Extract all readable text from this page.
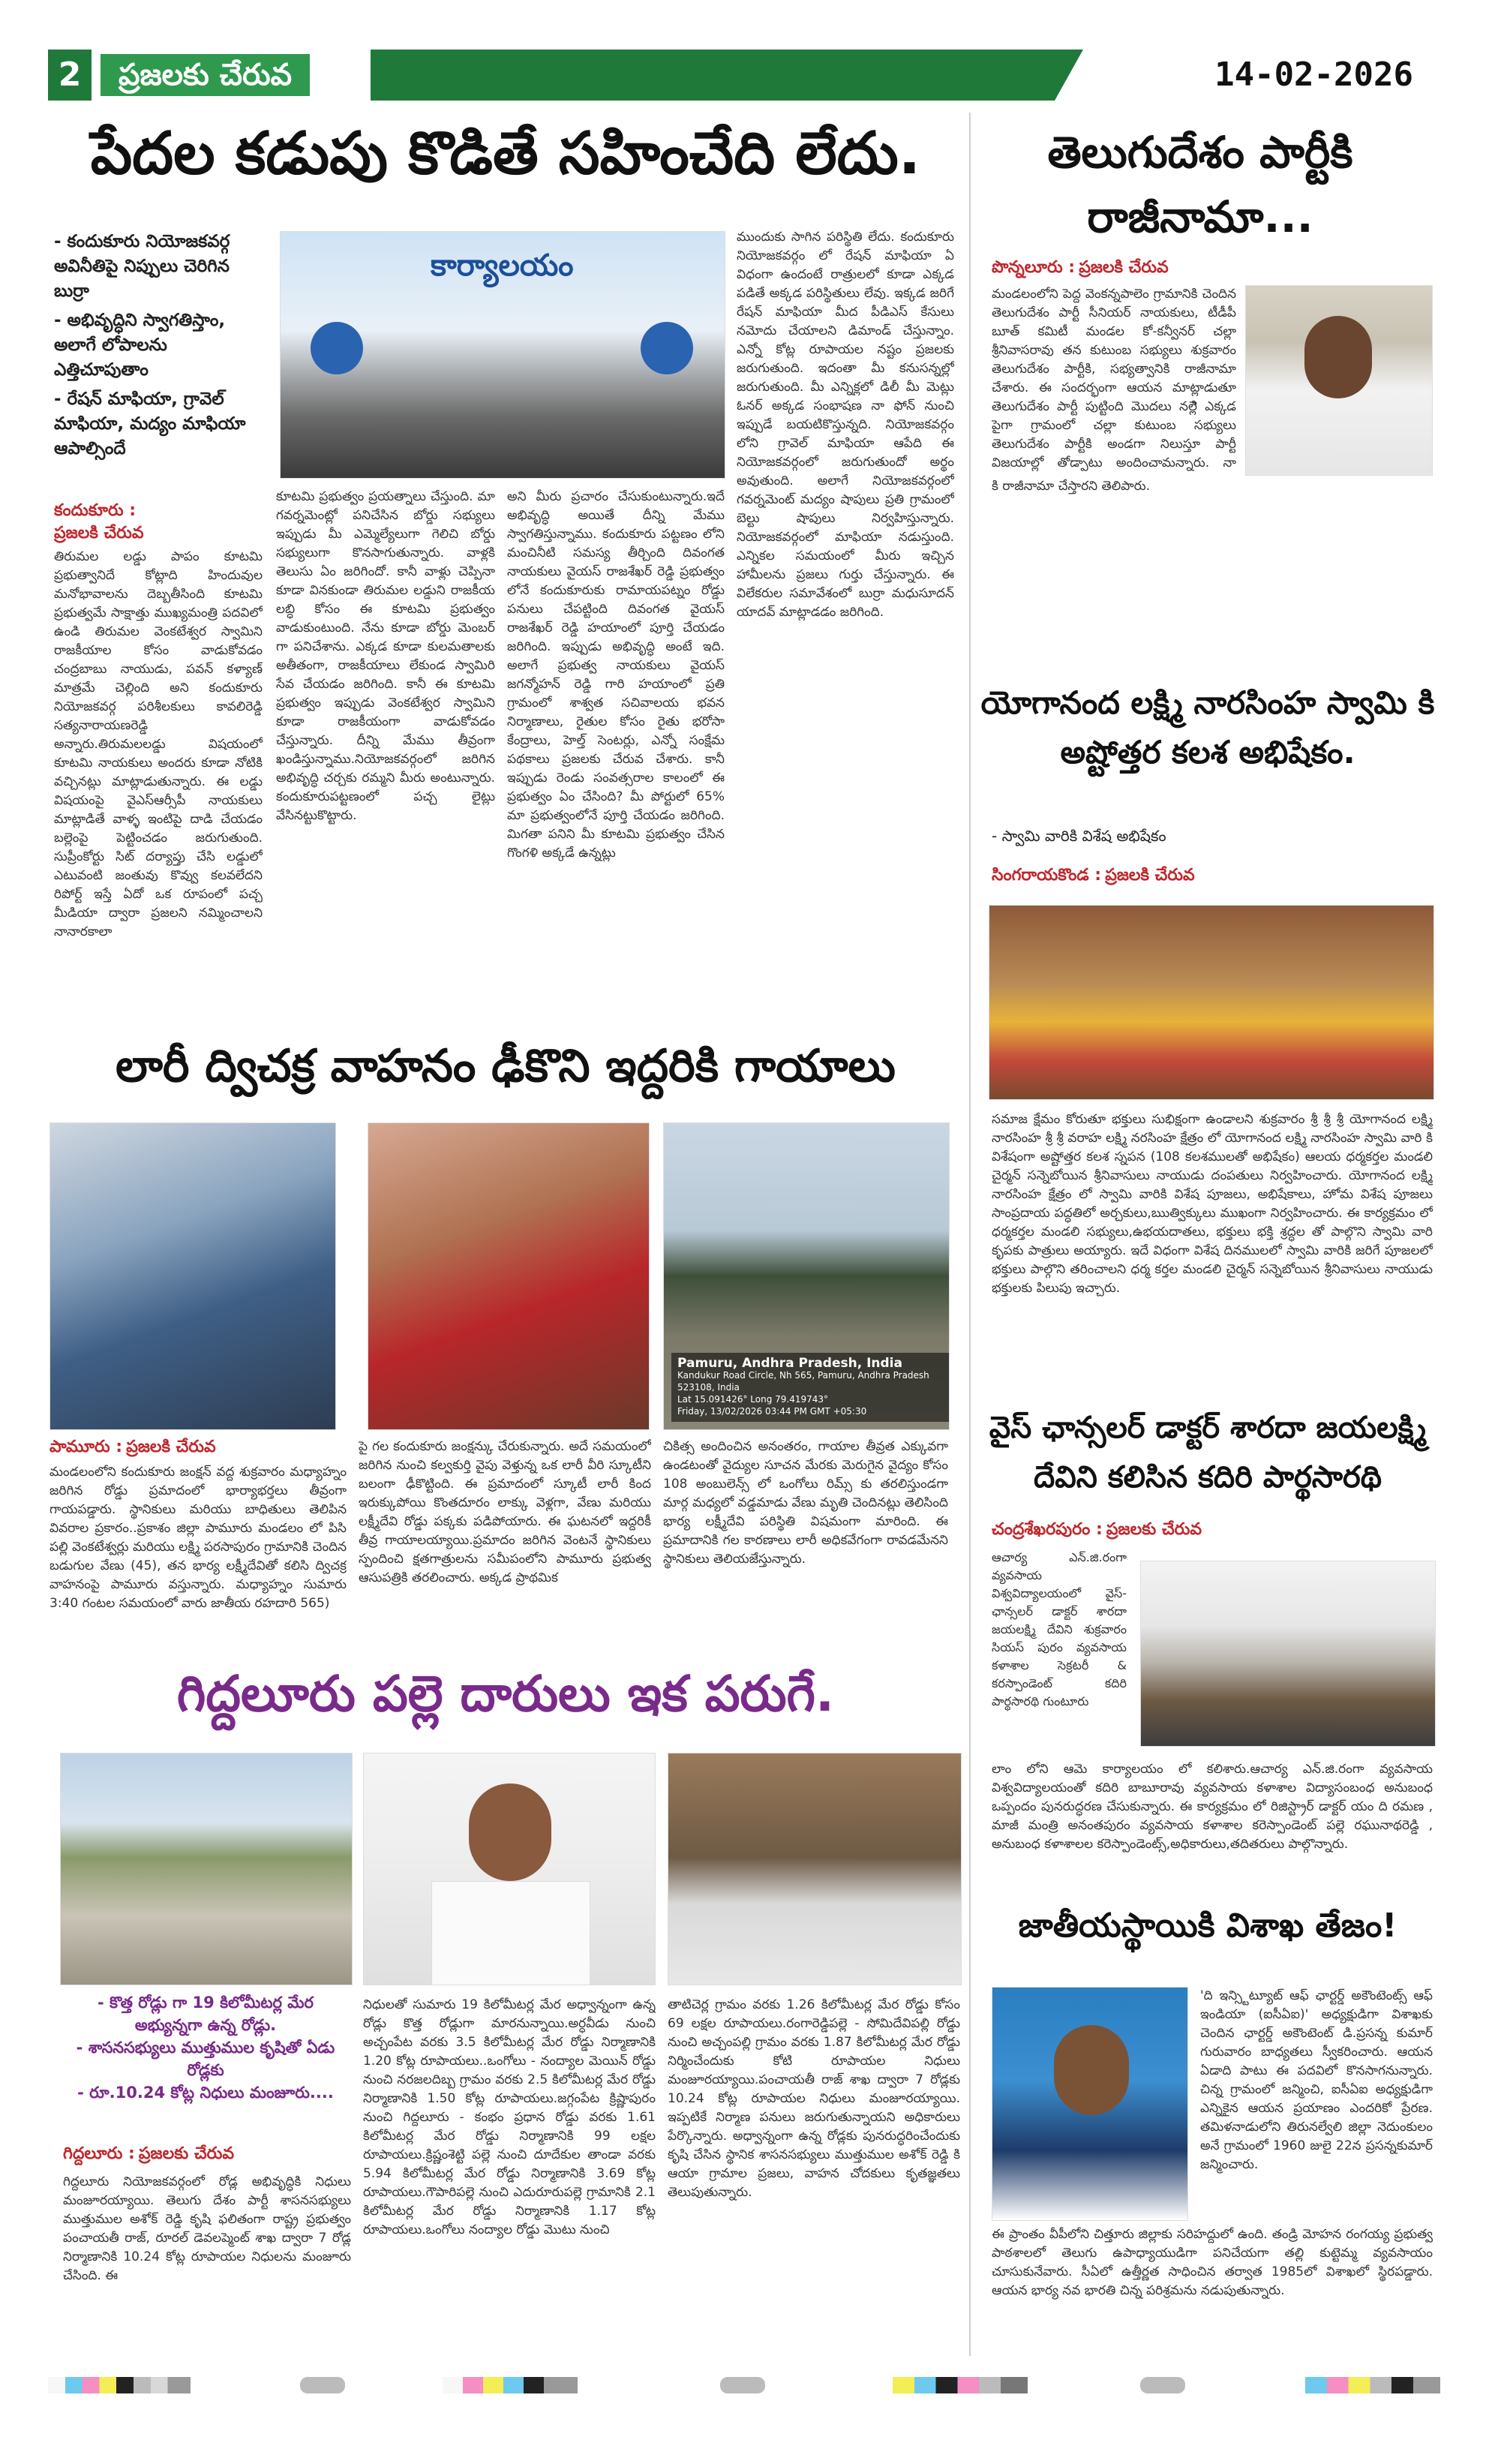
2	ప్రజలకు చేరువ	14-02-2026
పేదల కడుపు కొడితే సహించేది లేదు.
- కందుకూరు నియోజకవర్గ అవినీతిపై నిప్పులు చెరిగిన బుర్రా
- అభివృద్ధిని స్వాగతిస్తాం, అలాగే లోపాలను ఎత్తిచూపుతాం
- రేషన్ మాఫియా, గ్రావెల్ మాఫియా, మద్యం మాఫియా ఆపాల్సిందే
కార్యాలయం
కందుకూరు :
ప్రజలకి చేరువ
తిరుమల లడ్డు పాపం కూటమి ప్రభుత్వానిదే కోట్లాది హిందువుల మనోభావాలను దెబ్బతీసింది కూటమి ప్రభుత్వమే సాక్షాత్తు ముఖ్యమంత్రి పదవిలో ఉండి తిరుమల వెంకటేశ్వర స్వామిని రాజకీయాల కోసం వాడుకోవడం చంద్రబాబు నాయుడు, పవన్ కళ్యాణ్ మాత్రమే చెల్లింది అని కందుకూరు నియోజకవర్గ పరిశీలకులు కావలిరెడ్డి సత్యనారాయణరెడ్డి అన్నారు.తిరుమలలడ్డు విషయంలో కూటమి నాయకులు అందరు కూడా నోటికి వచ్చినట్లు మాట్లాడుతున్నారు. ఈ లడ్డు విషయంపై వైఎస్ఆర్సీపీ నాయకులు మాట్లాడితే వాళ్ళ ఇంటిపై దాడి చేయడం బల్లెంపై పెట్టించడం జరుగుతుంది. సుప్రీంకోర్టు సిట్ దర్యాప్తు చేసి లడ్డులో ఎటువంటి జంతువు కొవ్వు కలవలేదని రిపోర్ట్ ఇస్తే ఏదో ఒక రూపంలో పచ్చ మీడియా ద్వారా ప్రజలని నమ్మించాలని నానారకాలా
కూటమి ప్రభుత్వం ప్రయత్నాలు చేస్తుంది. మా గవర్నమెంట్లో పనిచేసిన బోర్డు సభ్యులు ఇప్పుడు మీ ఎమ్మెల్యేలుగా గెలిచి బోర్డు సభ్యులుగా కొనసాగుతున్నారు. వాళ్లకి తెలుసు ఏం జరిగిందో. కానీ వాళ్లు చెప్పినా కూడా వినకుండా తిరుమల లడ్డుని రాజకీయ లబ్ధి కోసం ఈ కూటమి ప్రభుత్వం వాడుకుంటుంది. నేను కూడా బోర్డు మెంబర్ గా పనిచేశాను. ఎక్కడ కూడా కులమతాలకు అతీతంగా, రాజకీయాలు లేకుండ స్వామిరి సేవ చేయడం జరిగింది. కానీ ఈ కూటమి ప్రభుత్వం ఇప్పుడు వెంకటేశ్వర స్వామిని కూడా రాజకీయంగా వాడుకోవడం చేస్తున్నారు. దీన్ని మేము తీవ్రంగా ఖండిస్తున్నాము.నియోజకవర్గంలో జరిగిన అభివృద్ధి చర్చకు రమ్మని మీరు అంటున్నారు. కందుకూరుపట్టణంలో పచ్చ లైట్లు వేసినట్టుకొట్టారు.
అని మీరు ప్రచారం చేసుకుంటున్నారు.ఇదే అభివృద్ధి అయితే దీన్ని మేము స్వాగతిస్తున్నాము. కందుకూరు పట్టణం లోని మంచినీటి సమస్య తీర్చింది దివంగత నాయకులు వైయస్ రాజశేఖర్ రెడ్డి ప్రభుత్వం లోనే కందుకూరుకు రామాయపట్నం రోడ్డు పనులు చేపట్టింది దివంగత వైయస్ రాజశేఖర్ రెడ్డి హయాంలో పూర్తి చేయడం జరిగింది. ఇప్పుడు అభివృద్ధి అంటే ఇది. అలాగే ప్రభుత్వ నాయకులు వైయస్ జగన్మోహన్ రెడ్డి గారి హయాంలో ప్రతి గ్రామంలో శాశ్వత సచివాలయ భవన నిర్మాణాలు, రైతుల కోసం రైతు భరోసా కేంద్రాలు, హెల్త్ సెంటర్లు, ఎన్నో సంక్షేమ పథకాలు ప్రజలకు చేరువ చేశారు. కానీ ఇప్పుడు రెండు సంవత్సరాల కాలంలో ఈ ప్రభుత్వం ఏం చేసింది? మీ పోర్టులో 65% మా ప్రభుత్వంలోనే పూర్తి చేయడం జరిగింది. మిగతా పనిని మీ కూటమి ప్రభుత్వం చేసిన గొంగళి అక్కడే ఉన్నట్లు
ముందుకు సాగిన పరిస్థితి లేదు. కందుకూరు నియోజకవర్గం లో రేషన్ మాఫియా ఏ విధంగా ఉందంటే రాత్రులలో కూడా ఎక్కడ పడితే అక్కడ పరిస్థితులు లేవు. ఇక్కడ జరిగే రేషన్ మాఫియా మీద పీడిఎస్ కేసులు నమోదు చేయాలని డిమాండ్ చేస్తున్నాం. ఎన్నో కోట్ల రూపాయల నష్టం ప్రజలకు జరుగుతుంది. ఇదంతా మీ కనుసన్నల్లో జరుగుతుంది. మీ ఎన్నిక్లలో డిలీ మీ మెట్లు ఓనర్ అక్కడ సంభాషణ నా ఫోన్ నుంచి ఇప్పుడే బయటికొస్తున్నది. నియోజకవర్గం లోని గ్రావెల్ మాఫియా ఆపేది ఈ నియోజకవర్గంలో జరుగుతుందో అర్థం అవుతుంది. అలాగే నియోజకవర్గంలో గవర్నమెంట్ మద్యం షాపులు ప్రతి గ్రామంలో బెల్టు షాపులు నిర్వహిస్తున్నారు. నియోజకవర్గంలో మాఫియా నడుస్తుంది. ఎన్నికల సమయంలో మీరు ఇచ్చిన హామీలను ప్రజలు గుర్తు చేస్తున్నారు. ఈ విలేకరుల సమావేశంలో బుర్రా మధుసూదన్ యాదవ్ మాట్లాడడం జరిగింది.
తెలుగుదేశం పార్టీకి రాజీనామా...
పొన్నలూరు : ప్రజలకి చేరువ
మండలంలోని పెద్ద వెంకన్నపాలెం గ్రామానికి చెందిన తెలుగుదేశం పార్టీ సీనియర్ నాయకులు, టీడీపీ బూత్ కమిటీ మండల కో-కన్వీనర్ చల్లా శ్రీనివాసరావు తన కుటుంబ సభ్యులు శుక్రవారం తెలుగుదేశం పార్టీకి, సభ్యత్వానికి రాజీనామా చేశారు. ఈ సందర్భంగా ఆయన మాట్లాడుతూ తెలుగుదేశం పార్టీ పుట్టింది మొదలు నల్లెి ఎక్కడ పైగా గ్రామంలో చల్లా కుటుంబ సభ్యులు తెలుగుదేశం పార్టీకి అండగా నిలుస్తూ పార్టీ విజయాల్లో తోడ్పాటు అందించామన్నారు. నా
కి రాజీనామా చేస్తారని తెలిపారు.
యోగానంద లక్ష్మి నారసింహ స్వామి కి
అష్టోత్తర కలశ అభిషేకం.
- స్వామి వారికి విశేష అభిషేకం
సింగరాయకొండ : ప్రజలకి చేరువ
సమాజ క్షేమం కోరుతూ భక్తులు సుభిక్షంగా ఉండాలని శుక్రవారం శ్రీ శ్రీ శ్రీ యోగానంద లక్ష్మి నారసింహ శ్రీ శ్రీ వరాహ లక్ష్మి నరసింహ క్షేత్రం లో యోగానంద లక్ష్మి నారసింహ స్వామి వారి కి విశేషంగా అష్టోత్తర కలశ స్నపన (108 కలశములతో అభిషేకం) ఆలయ ధర్మకర్తల మండలి చైర్మన్ సన్నెబోయిన శ్రీనివాసులు నాయుడు దంపతులు నిర్వహించారు. యోగానంద లక్ష్మి నారసింహ క్షేత్రం లో స్వామి వారికి విశేష పూజలు, అభిషేకాలు, హోమ విశేష పూజలు సాంప్రదాయ పద్ధతిలో అర్చకులు,ఋత్విక్కులు ముఖంగా నిర్వహించారు. ఈ కార్యక్రమం లో ధర్మకర్తల మండలి సభ్యులు,ఉభయదాతలు, భక్తులు భక్తి శ్రద్ధల తో పాల్గొని స్వామి వారి కృపకు పాత్రులు అయ్యారు. ఇదే విధంగా విశేష దినములలో స్వామి వారికి జరిగే పూజలలో భక్తులు పాల్గొని తరించాలని ధర్మ కర్తల మండలి చైర్మన్ సన్నెబోయిన శ్రీనివాసులు నాయుడు భక్తులకు పిలుపు ఇచ్చారు.
లారీ ద్విచక్ర వాహనం ఢీకొని ఇద్దరికి గాయాలు
Pamuru, Andhra Pradesh, India
Kandukur Road Circle, Nh 565, Pamuru, Andhra Pradesh 523108, India
Lat 15.091426° Long 79.419743°
Friday, 13/02/2026 03:44 PM GMT +05:30
పామూరు : ప్రజలకి చేరువ
మండలంలోని కందుకూరు జంక్షన్ వద్ద శుక్రవారం మధ్యాహ్నం జరిగిన రోడ్డు ప్రమాదంలో భార్యాభర్తలు తీవ్రంగా గాయపడ్డారు. స్థానికులు మరియు బాధితులు తెలిపిన వివరాల ప్రకారం..ప్రకాశం జిల్లా పామూరు మండలం లో పిసి పల్లి వెంకటేశ్వర్లు మరియు లక్ష్మి పరసాపురం గ్రామానికి చెందిన బడుగుల వేణు (45), తన భార్య లక్ష్మీదేవితో కలిసి ద్విచక్ర వాహనంపై పామూరు వస్తున్నారు. మధ్యాహ్నం సుమారు 3:40 గంటల సమయంలో వారు జాతీయ రహదారి 565)
పై గల కందుకూరు జంక్షన్కు చేరుకున్నారు. అదే సమయంలో జరిగిన నుంచి కల్వకుర్తి వైపు వెళ్తున్న ఒక లారీ వీరి స్కూటీని బలంగా ఢీకొట్టింది. ఈ ప్రమాదంలో స్కూటీ లారీ కింద ఇరుక్కుపోయి కొంతదూరం లాక్కు వెళ్లగా, వేణు మరియు లక్ష్మీదేవి రోడ్డు పక్కకు పడిపోయారు. ఈ ఘటనలో ఇద్దరికీ తీవ్ర గాయాలయ్యాయి.ప్రమాదం జరిగిన వెంటనే స్థానికులు స్పందించి క్షతగాత్రులను సమీపంలోని పామూరు ప్రభుత్వ ఆసుపత్రికి తరలించారు. అక్కడ ప్రాథమిక
చికిత్స అందించిన అనంతరం, గాయాల తీవ్రత ఎక్కువగా ఉండటంతో వైద్యుల సూచన మేరకు మెరుగైన వైద్యం కోసం 108 అంబులెన్స్ లో ఒంగోలు రిమ్స్ కు తరలిస్తుండగా మార్గ మధ్యలో వడ్డమాడు వేణు మృతి చెందినట్లు తెలిసింది భార్య లక్ష్మీదేవి పరిస్థితి విషమంగా మారింది. ఈ ప్రమాదానికి గల కారణాలు లారీ అధికవేగంగా రావడమేనని స్థానికులు తెలియజేస్తున్నారు.
గిద్దలూరు పల్లె దారులు ఇక పరుగే.
- కొత్త రోడ్లు గా 19 కిలోమీటర్ల మేర అభ్యున్నగా ఉన్న రోడ్లు.
- శాసనసభ్యులు ముత్తుముల కృషితో ఏడు రోడ్లకు
- రూ.10.24 కోట్ల నిధులు మంజూరు....
గిద్దలూరు : ప్రజలకు చేరువ
గిద్దలూరు నియోజకవర్గంలో రోడ్ల అభివృద్ధికి నిధులు మంజూరయ్యాయి. తెలుగు దేశం పార్టీ శాసనసభ్యులు ముత్తుముల అశోక్ రెడ్డి కృషి ఫలితంగా రాష్ట్ర ప్రభుత్వం పంచాయతీ రాజ్, రూరల్ డెవలప్మెంట్ శాఖ ద్వారా 7 రోడ్ల నిర్మాణానికి 10.24 కోట్ల రూపాయల నిధులను మంజూరు చేసింది. ఈ
నిధులతో సుమారు 19 కిలోమీటర్ల మేర అధ్వాన్నంగా ఉన్న రోడ్లు కొత్త రోడ్లుగా మారనున్నాయి.అర్ధవీడు నుంచి అచ్చంపేట వరకు 3.5 కిలోమీటర్ల మేర రోడ్డు నిర్మాణానికి 1.20 కోట్ల రూపాయలు..ఒంగోలు - నంద్యాల మెయిన్ రోడ్డు నుంచి నరజలదిబ్బ గ్రామం వరకు 2.5 కిలోమీటర్ల మేర రోడ్డు నిర్మాణానికి 1.50 కోట్ల రూపాయలు.జగ్గంపేట క్రిష్ణాపురం నుంచి గిద్దలూరు - కంభం ప్రధాన రోడ్డు వరకు 1.61 కిలోమీటర్ల మేర రోడ్డు నిర్మాణానికి 99 లక్షల రూపాయలు.క్రిష్ణంశెట్టి పల్లె నుంచి దూదేకుల తాండా వరకు 5.94 కిలోమీటర్ల మేర రోడ్డు నిర్మాణానికి 3.69 కోట్ల రూపాయలు.గౌపారిపల్లె నుంచి ఎదురూరుపల్లె గ్రామానికి 2.1 కిలోమీటర్ల మేర రోడ్డు నిర్మాణానికి 1.17 కోట్ల రూపాయలు.ఒంగోలు నంద్యాల రోడ్డు మొటు నుంచి
తాటిచెర్ల గ్రామం వరకు 1.26 కిలోమీటర్ల మేర రోడ్డు కోసం 69 లక్షల రూపాయలు.రంగారెడ్డిపల్లె - సోమిదేవిపల్లి రోడ్డు నుంచి అచ్చంపల్లి గ్రామం వరకు 1.87 కిలోమీటర్ల మేర రోడ్డు నిర్మించేందుకు కోటి రూపాయల నిధులు మంజూరయ్యాయి.పంచాయతీ రాజ్ శాఖ ద్వారా 7 రోడ్లకు 10.24 కోట్ల రూపాయల నిధులు మంజూరయ్యాయి. ఇప్పటికే నిర్మాణ పనులు జరుగుతున్నాయని అధికారులు పేర్కొన్నారు. అధ్వాన్నంగా ఉన్న రోడ్లకు పునరుద్ధరించేందుకు కృషి చేసిన స్థానిక శాసనసభ్యులు ముత్తుముల అశోక్ రెడ్డి కి ఆయా గ్రామాల ప్రజలు, వాహన చోదకులు కృతజ్ఞతలు తెలుపుతున్నారు.
వైస్ ఛాన్సలర్ డాక్టర్ శారదా జయలక్ష్మి
దేవిని కలిసిన కదిరి పార్థసారథి
చంద్రశేఖరపురం : ప్రజలకు చేరువ
ఆచార్య ఎన్.జి.రంగా వ్యవసాయ విశ్వవిద్యాలయంలో వైస్-ఛాన్సలర్ డాక్టర్ శారదా జయలక్ష్మి దేవిని శుక్రవారం సియస్ పురం వ్యవసాయ కళాశాల సెక్రటరీ & కరస్పాండెంట్ కదిరి పార్థసారథి గుంటూరు
లాం లోని ఆమె కార్యాలయం లో కలిశారు.ఆచార్య ఎన్.జి.రంగా వ్యవసాయ విశ్వవిద్యాలయంతో కదిరి బాబూరావు వ్యవసాయ కళాశాల విద్యాసంబంధ అనుబంధ ఒప్పందం పునరుద్ధరణ చేసుకున్నారు. ఈ కార్యక్రమం లో రిజిస్ట్రార్ డాక్టర్ యం ది రమణ , మాజీ మంత్రి అనంతపురం వ్యవసాయ కళాశాల కరెస్పాండెంట్ పల్లె రఘునాథరెడ్డి , అనుబంధ కళాశాలల కరెస్పాండెంట్స్,అధికారులు,తదితరులు పాల్గొన్నారు.
జాతీయస్థాయికి విశాఖ తేజం!
'ది ఇన్స్టిట్యూట్ ఆఫ్ ఛార్టర్డ్ అకౌంటెంట్స్ ఆఫ్ ఇండియా (ఐసీఏఐ)' అధ్యక్షుడిగా విశాఖకు చెందిన ఛార్టర్డ్ అకౌంటెంట్ డి.ప్రసన్న కుమార్ గురువారం బాధ్యతలు స్వీకరించారు. ఆయన ఏడాది పాటు ఈ పదవిలో కొనసాగనున్నారు. చిన్న గ్రామంలో జన్మించి, ఐసీఏఐ అధ్యక్షుడిగా ఎన్నికైన ఆయన ప్రయాణం ఎందరికో ప్రేరణ. తమిళనాడులోని తిరునల్వేలి జిల్లా నెదుంకులం అనే గ్రామంలో 1960 జులై 22న ప్రసన్నకుమార్ జన్మించారు.
ఈ ప్రాంతం వీపీలోని చిత్తూరు జిల్లాకు సరిహద్దులో ఉంది. తండ్రి మోహన రంగయ్య ప్రభుత్వ పాఠశాలలో తెలుగు ఉపాధ్యాయుడిగా పనిచేయగా తల్లి కుట్టెమ్మ వ్యవసాయం చూసుకునేవారు. సీఏలో ఉత్తీర్ణత సాధించిన తర్వాత 1985లో విశాఖలో స్థిరపడ్డారు. ఆయన భార్య నవ భారతి చిన్న పరిశ్రమను నడుపుతున్నారు.
